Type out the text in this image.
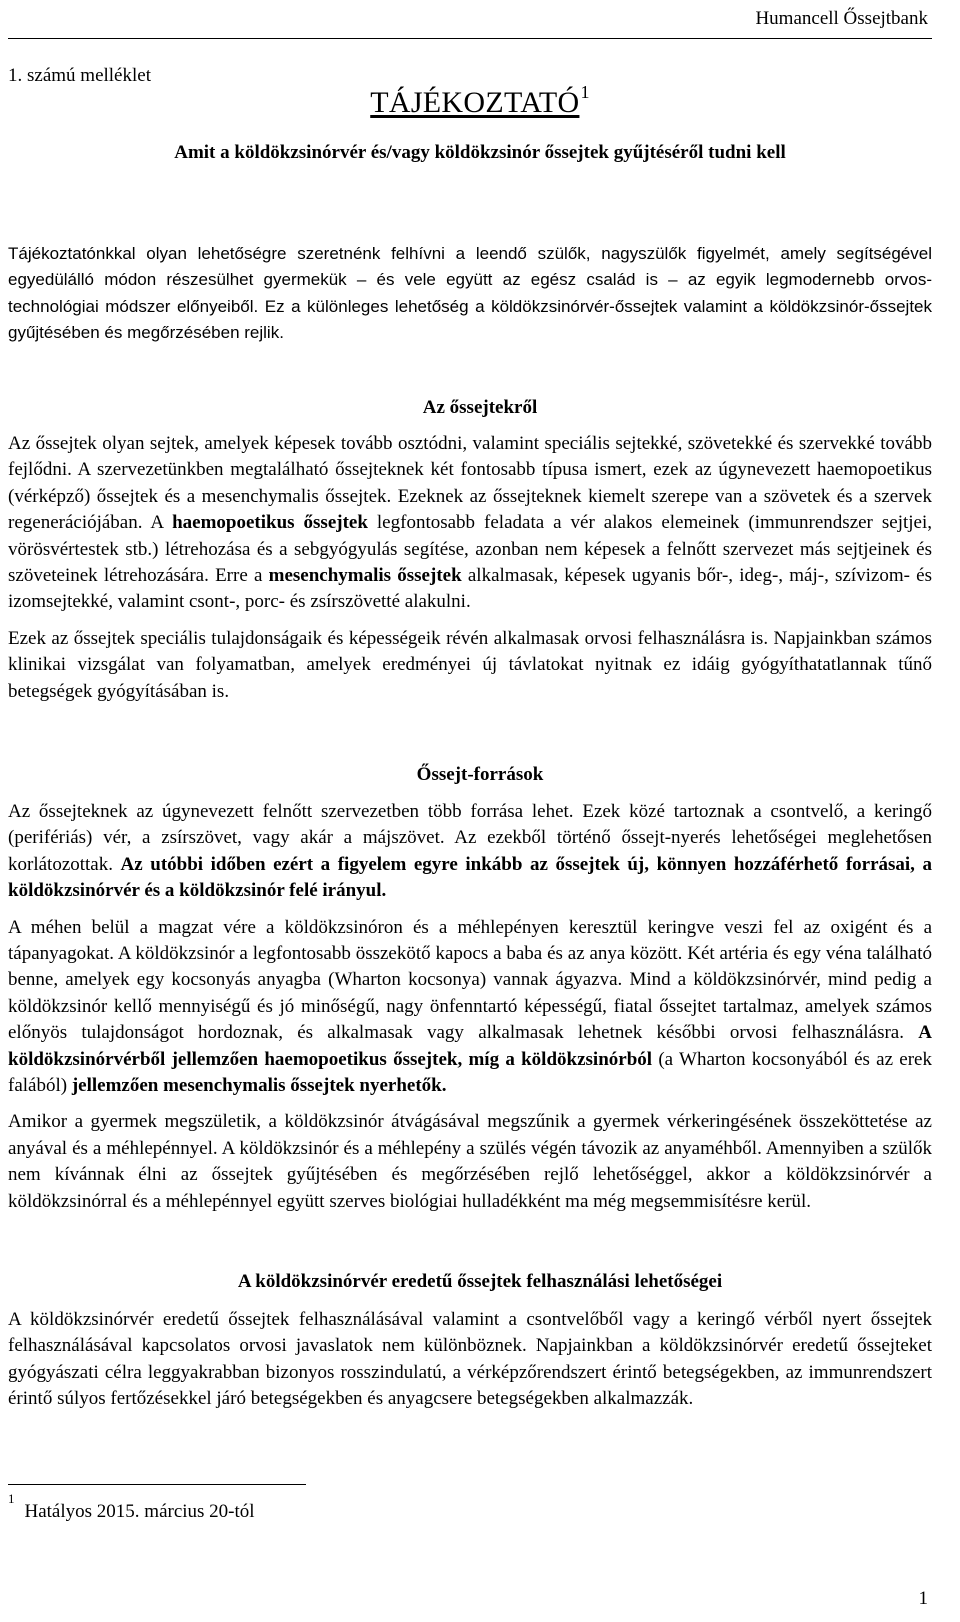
Humancell Őssejtbank
1. számú melléklet
TÁJÉKOZTATÓ$^1$
Amit a köldökzsinórvér és/vagy köldökzsinór őssejtek gyűjtéséről tudni kell

Tájékoztatónkkal olyan lehetőségre szeretnénk felhívni a leendő szülők, nagyszülők figyelmét, amely segítségével egyedülálló módon részesülhet gyermekük – és vele együtt az egész család is – az egyik legmodernebb orvos-technológiai módszer előnyeiből. Ez a különleges lehetőség a köldökzsinórvér-őssejtek valamint a köldökzsinór-őssejtek gyűjtésében és megőrzésében rejlik.

Az őssejtekről

Az őssejtek olyan sejtek, amelyek képesek tovább osztódni, valamint speciális sejtekké, szövetekké és szervekké tovább fejlődni. A szervezetünkben megtalálható őssejteknek két fontosabb típusa ismert, ezek az úgynevezett haemopoetikus (vérképző) őssejtek és a mesenchymalis őssejtek. Ezeknek az őssejteknek kiemelt szerepe van a szövetek és a szervek regenerációjában. A haemopoetikus őssejtek legfontosabb feladata a vér alakos elemeinek (immunrendszer sejtjei, vörösvértestek stb.) létrehozása és a sebgyógyulás segítése, azonban nem képesek a felnőtt szervezet más sejtjeinek és szöveteinek létrehozására. Erre a mesenchymalis őssejtek alkalmasak, képesek ugyanis bőr-, ideg-, máj-, szívizom- és izomsejtekké, valamint csont-, porc- és zsírszövetté alakulni.

Ezek az őssejtek speciális tulajdonságaik és képességeik révén alkalmasak orvosi felhasználásra is. Napjainkban számos klinikai vizsgálat van folyamatban, amelyek eredményei új távlatokat nyitnak ez idáig gyógyíthatatlannak tűnő betegségek gyógyításában is.

Őssejt-források

Az őssejteknek az úgynevezett felnőtt szervezetben több forrása lehet. Ezek közé tartoznak a csontvelő, a keringő (perifériás) vér, a zsírszövet, vagy akár a májszövet. Az ezekből történő őssejt-nyerés lehetőségei meglehetősen korlátozottak. Az utóbbi időben ezért a figyelem egyre inkább az őssejtek új, könnyen hozzáférhető forrásai, a köldökzsinórvér és a köldökzsinór felé irányul.

A méhen belül a magzat vére a köldökzsinóron és a méhlepényen keresztül keringve veszi fel az oxigént és a tápanyagokat. A köldökzsinór a legfontosabb összekötő kapocs a baba és az anya között. Két artéria és egy véna található benne, amelyek egy kocsonyás anyagba (Wharton kocsonya) vannak ágyazva. Mind a köldökzsinórvér, mind pedig a köldökzsinór kellő mennyiségű és jó minőségű, nagy önfenntartó képességű, fiatal őssejtet tartalmaz, amelyek számos előnyös tulajdonságot hordoznak, és alkalmasak vagy alkalmasak lehetnek későbbi orvosi felhasználásra. A köldökzsinórvérből jellemzően haemopoetikus őssejtek, míg a köldökzsinórból (a Wharton kocsonyából és az erek falából) jellemzően mesenchymalis őssejtek nyerhetők.

Amikor a gyermek megszületik, a köldökzsinór átvágásával megszűnik a gyermek vérkeringésének összeköttetése az anyával és a méhlepénnyel. A köldökzsinór és a méhlepény a szülés végén távozik az anyaméhből. Amennyiben a szülők nem kívánnak élni az őssejtek gyűjtésében és megőrzésében rejlő lehetőséggel, akkor a köldökzsinórvér a köldökzsinórral és a méhlepénnyel együtt szerves biológiai hulladékként ma még megsemmisítésre kerül.

A köldökzsinórvér eredetű őssejtek felhasználási lehetőségei

A köldökzsinórvér eredetű őssejtek felhasználásával valamint a csontvelőből vagy a keringő vérből nyert őssejtek felhasználásával kapcsolatos orvosi javaslatok nem különböznek. Napjainkban a köldökzsinórvér eredetű őssejteket gyógyászati célra leggyakrabban bizonyos rosszindulatú, a vérképzőrendszert érintő betegségekben, az immunrendszert érintő súlyos fertőzésekkel járó betegségekben és anyagcsere betegségekben alkalmazzák.

$^1$Hatályos 2015. március 20-tól
1
